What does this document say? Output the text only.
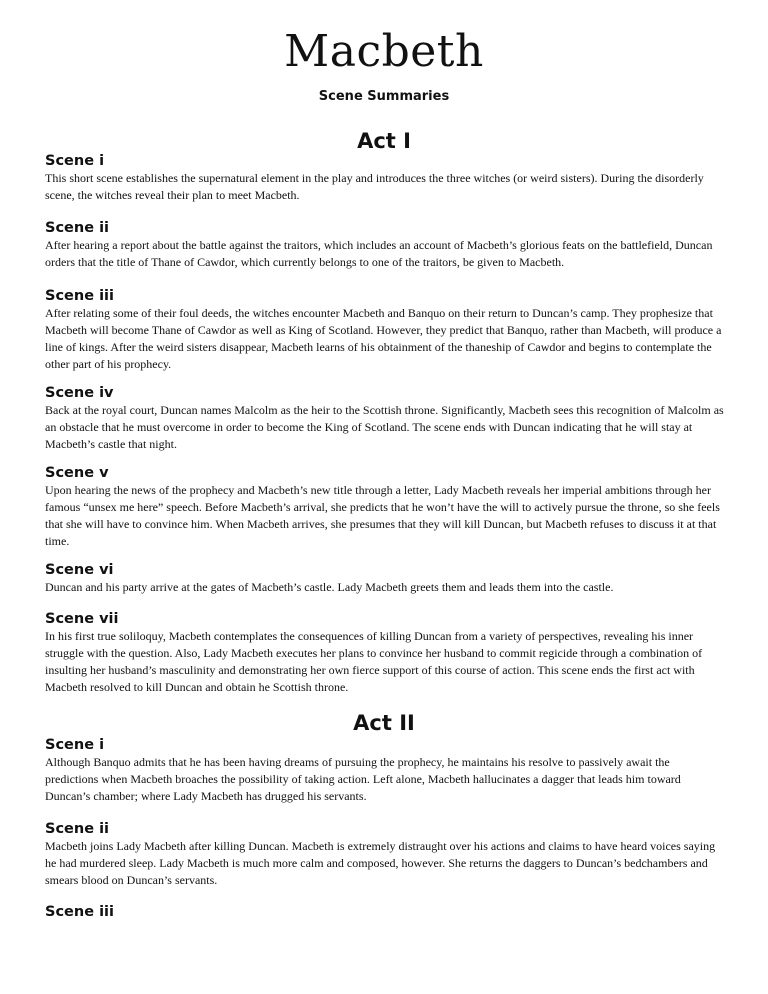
Macbeth
Scene Summaries
Act I

Scene i

This short scene establishes the supernatural element in the play and introduces the three witches (or weird sisters). During the disorderly scene, the witches reveal their plan to meet Macbeth.

Scene ii

After hearing a report about the battle against the traitors, which includes an account of Macbeth’s glorious feats on the battlefield, Duncan orders that the title of Thane of Cawdor, which currently belongs to one of the traitors, be given to Macbeth.

Scene iii

After relating some of their foul deeds, the witches encounter Macbeth and Banquo on their return to Duncan’s camp. They prophesize that Macbeth will become Thane of Cawdor as well as King of Scotland. However, they predict that Banquo, rather than Macbeth, will produce a line of kings. After the weird sisters disappear, Macbeth learns of his obtainment of the thaneship of Cawdor and begins to contemplate the other part of his prophecy.

Scene iv

Back at the royal court, Duncan names Malcolm as the heir to the Scottish throne. Significantly, Macbeth sees this recognition of Malcolm as an obstacle that he must overcome in order to become the King of Scotland. The scene ends with Duncan indicating that he will stay at Macbeth’s castle that night.

Scene v

Upon hearing the news of the prophecy and Macbeth’s new title through a letter, Lady Macbeth reveals her imperial ambitions through her famous “unsex me here” speech. Before Macbeth’s arrival, she predicts that he won’t have the will to actively pursue the throne, so she feels that she will have to convince him. When Macbeth arrives, she presumes that they will kill Duncan, but Macbeth refuses to discuss it at that time.

Scene vi

Duncan and his party arrive at the gates of Macbeth’s castle. Lady Macbeth greets them and leads them into the castle.

Scene vii

In his first true soliloquy, Macbeth contemplates the consequences of killing Duncan from a variety of perspectives, revealing his inner struggle with the question. Also, Lady Macbeth executes her plans to convince her husband to commit regicide through a combination of insulting her husband’s masculinity and demonstrating her own fierce support of this course of action. This scene ends the first act with Macbeth resolved to kill Duncan and obtain he Scottish throne.

Act II

Scene i

Although Banquo admits that he has been having dreams of pursuing the prophecy, he maintains his resolve to passively await the predictions when Macbeth broaches the possibility of taking action. Left alone, Macbeth hallucinates a dagger that leads him toward Duncan’s chamber; where Lady Macbeth has drugged his servants.

Scene ii

Macbeth joins Lady Macbeth after killing Duncan. Macbeth is extremely distraught over his actions and claims to have heard voices saying he had murdered sleep. Lady Macbeth is much more calm and composed, however. She returns the daggers to Duncan’s bedchambers and smears blood on Duncan’s servants.

Scene iii
